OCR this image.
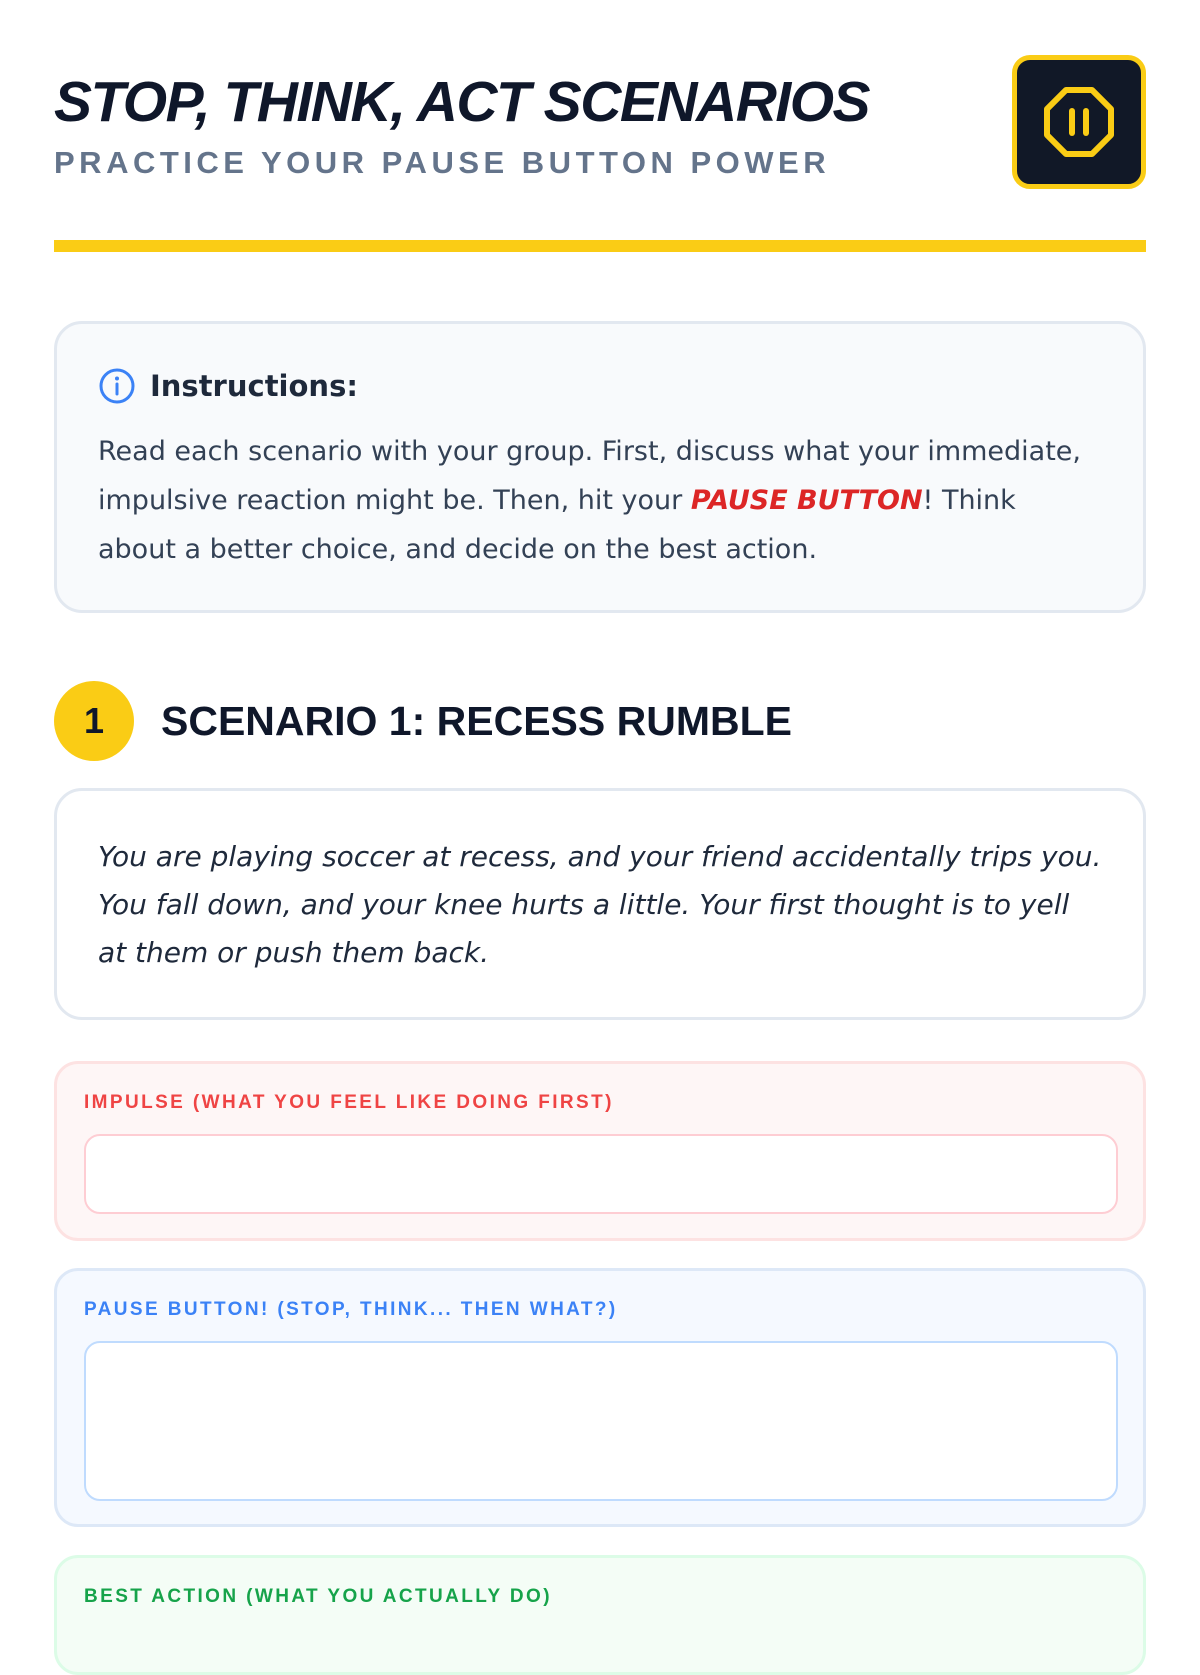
STOP, THINK, ACT SCENARIOS
PRACTICE YOUR PAUSE BUTTON POWER
Instructions:

Read each scenario with your group. First, discuss what your immediate, impulsive reaction might be. Then, hit your PAUSE BUTTON! Think about a better choice, and decide on the best action.

1	SCENARIO 1: RECESS RUMBLE

You are playing soccer at recess, and your friend accidentally trips you. You fall down, and your knee hurts a little. Your first thought is to yell at them or push them back.

IMPULSE (WHAT YOU FEEL LIKE DOING FIRST)
PAUSE BUTTON! (STOP, THINK... THEN WHAT?)
BEST ACTION (WHAT YOU ACTUALLY DO)
